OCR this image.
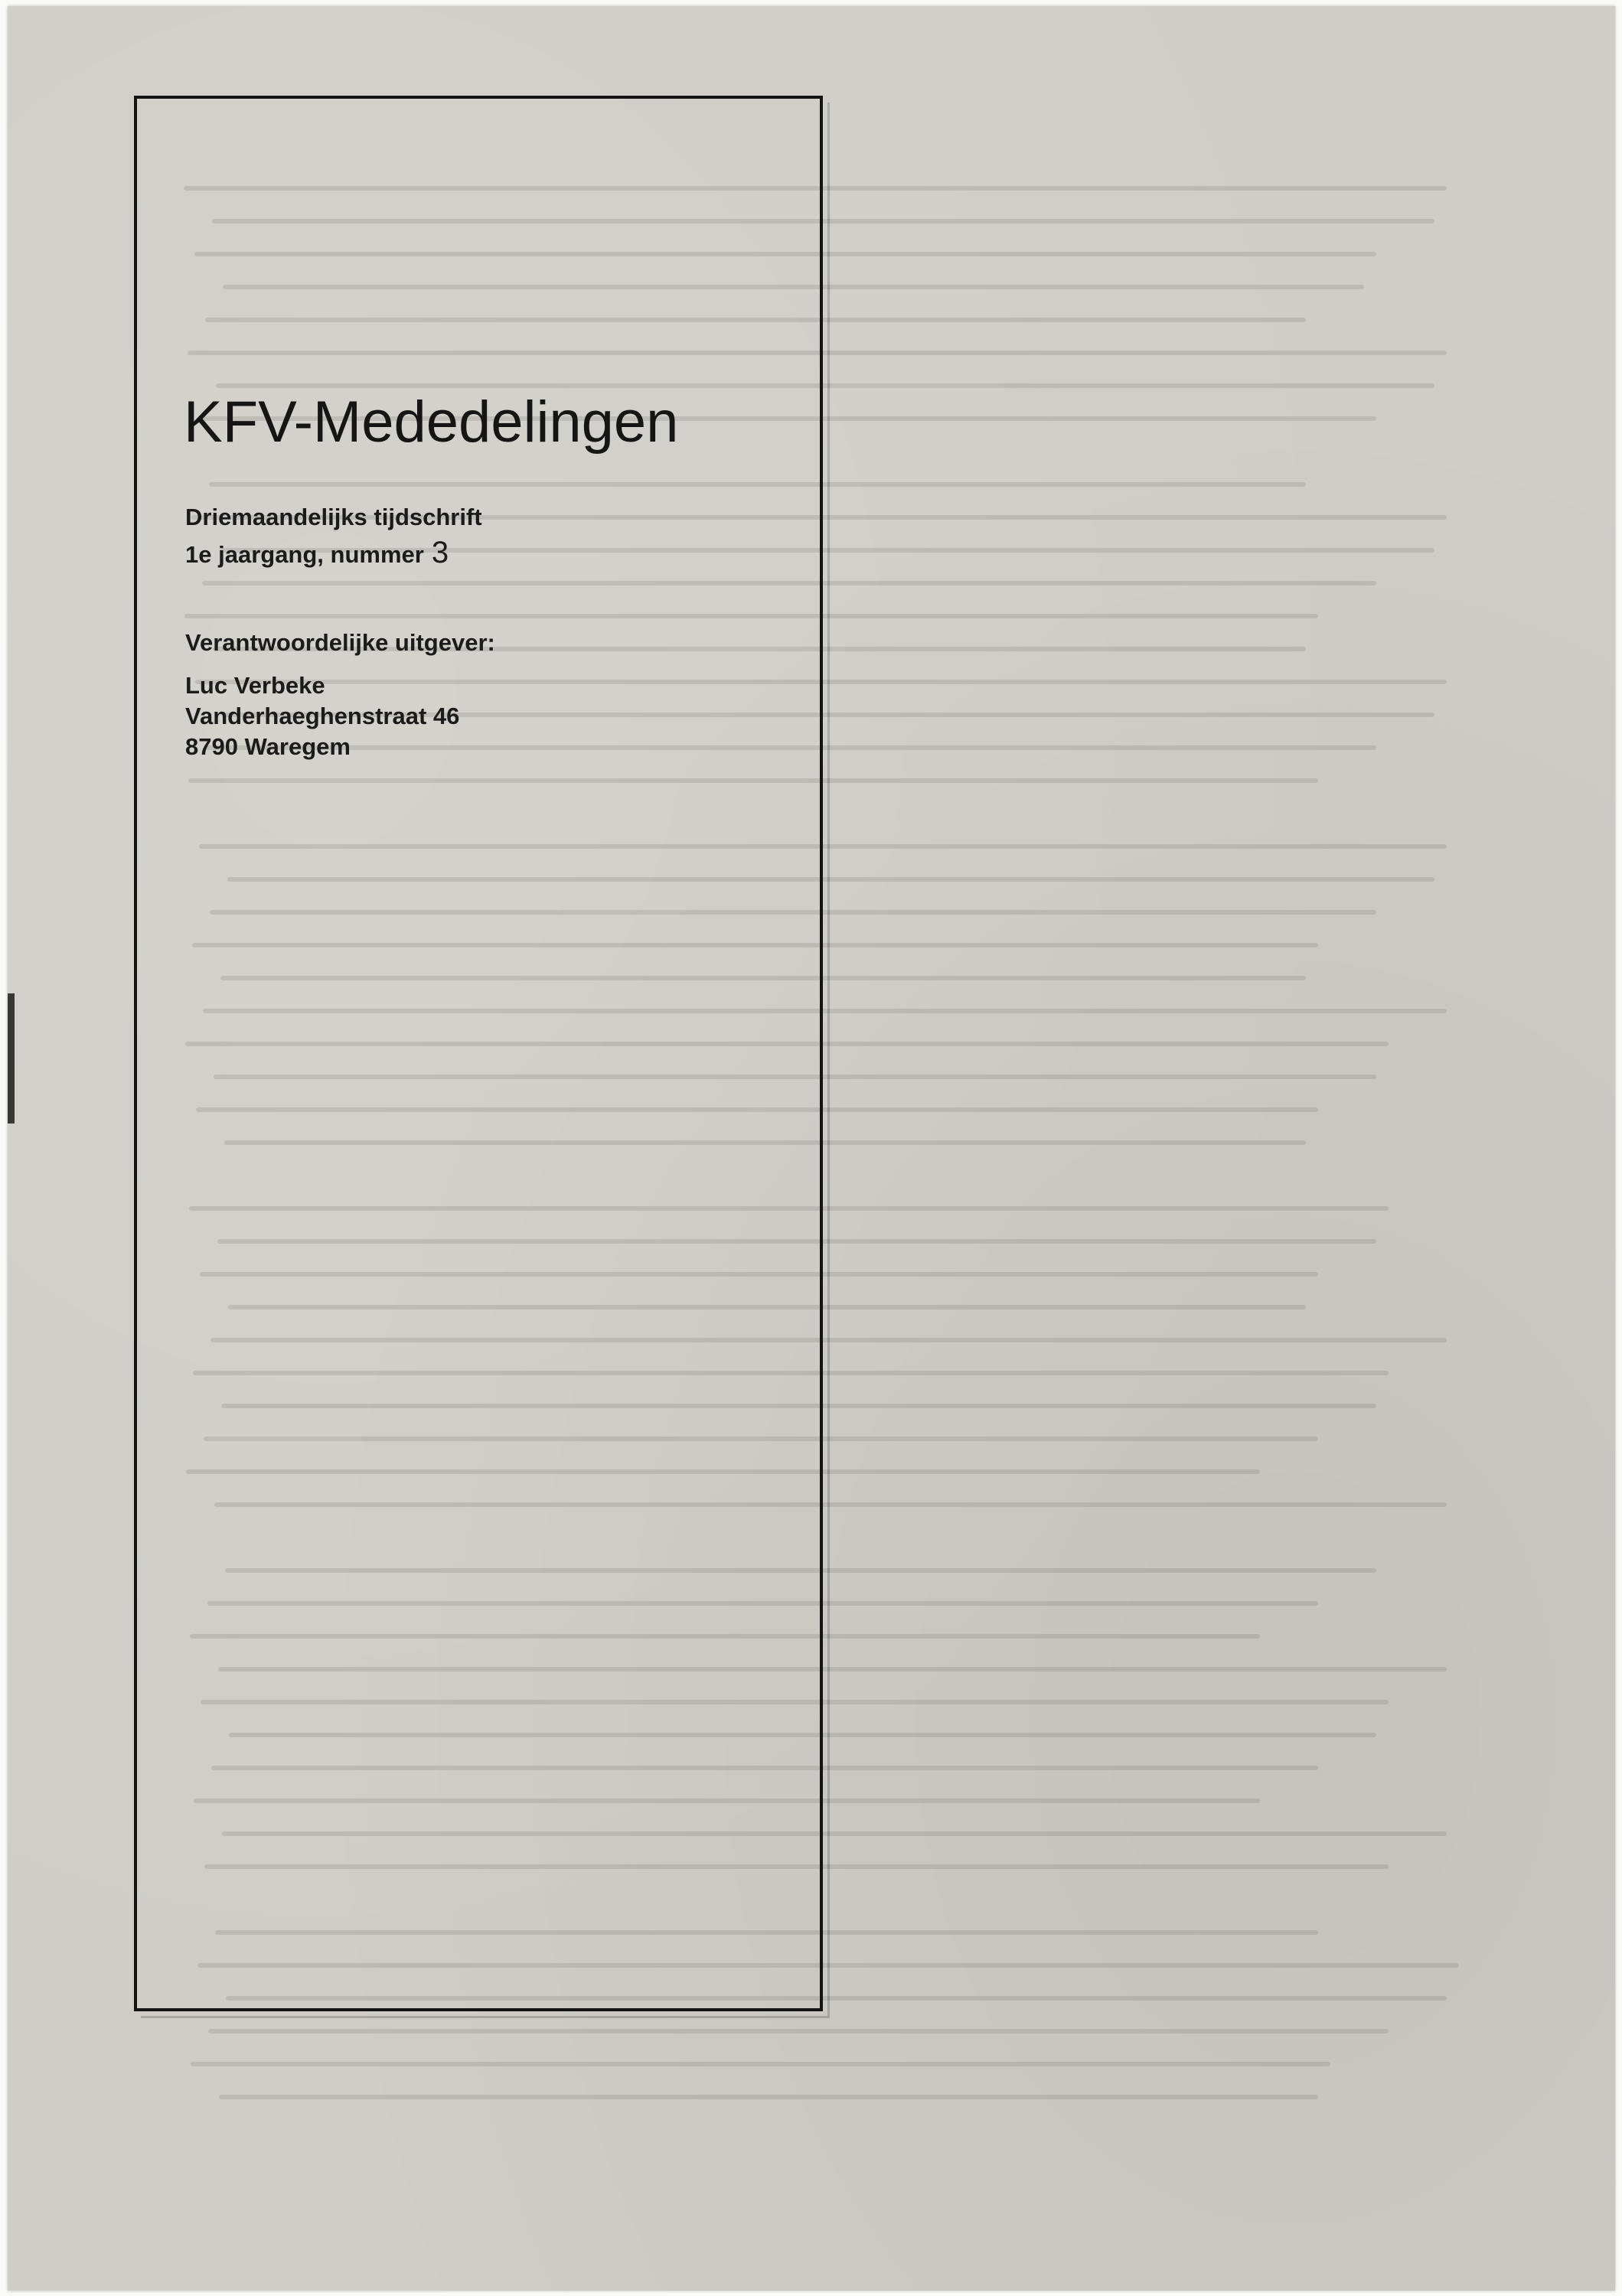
KFV-Mededelingen
Driemaandelijks tijdschrift
1e jaargang, nummer 3
Verantwoordelijke uitgever:
Luc Verbeke
Vanderhaeghenstraat 46
8790 Waregem
